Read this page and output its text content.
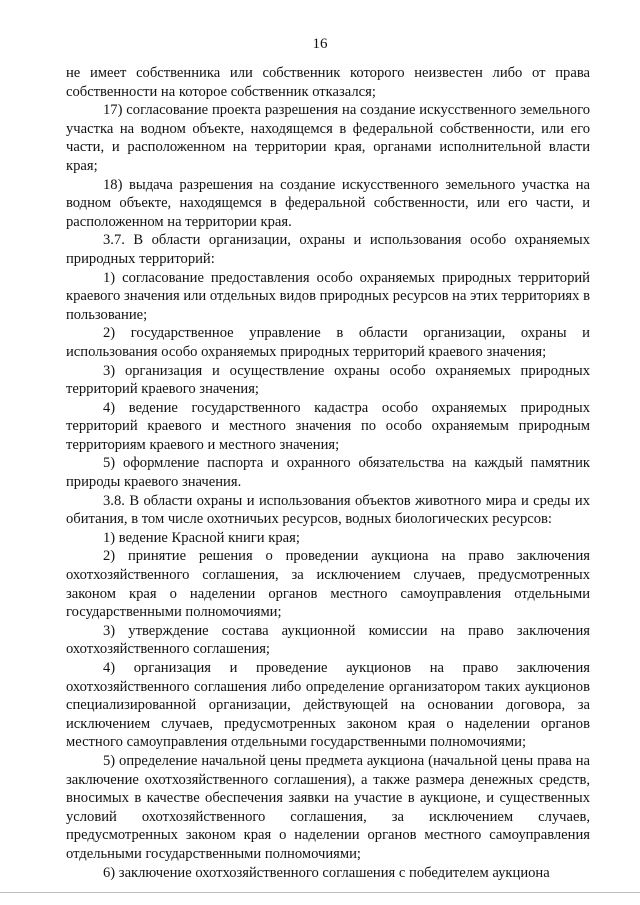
16

не имеет собственника или собственник которого неизвестен либо от права собственности на которое собственник отказался;

17) согласование проекта разрешения на создание искусственного земельного участка на водном объекте, находящемся в федеральной собственности, или его части, и расположенном на территории края, органами исполнительной власти края;

18) выдача разрешения на создание искусственного земельного участка на водном объекте, находящемся в федеральной собственности, или его части, и расположенном на территории края.

3.7. В области организации, охраны и использования особо охраняемых природных территорий:

1) согласование предоставления особо охраняемых природных территорий краевого значения или отдельных видов природных ресурсов на этих территориях в пользование;

2) государственное управление в области организации, охраны и использования особо охраняемых природных территорий краевого значения;

3) организация и осуществление охраны особо охраняемых природных территорий краевого значения;

4) ведение государственного кадастра особо охраняемых природных территорий краевого и местного значения по особо охраняемым природным территориям краевого и местного значения;

5) оформление паспорта и охранного обязательства на каждый памятник природы краевого значения.

3.8. В области охраны и использования объектов животного мира и среды их обитания, в том числе охотничьих ресурсов, водных биологических ресурсов:

1) ведение Красной книги края;

2) принятие решения о проведении аукциона на право заключения охотхозяйственного соглашения, за исключением случаев, предусмотренных законом края о наделении органов местного самоуправления отдельными государственными полномочиями;

3) утверждение состава аукционной комиссии на право заключения охотхозяйственного соглашения;

4) организация и проведение аукционов на право заключения охотхозяйственного соглашения либо определение организатором таких аукционов специализированной организации, действующей на основании договора, за исключением случаев, предусмотренных законом края о наделении органов местного самоуправления отдельными государственными полномочиями;

5) определение начальной цены предмета аукциона (начальной цены права на заключение охотхозяйственного соглашения), а также размера денежных средств, вносимых в качестве обеспечения заявки на участие в аукционе, и существенных условий охотхозяйственного соглашения, за исключением случаев, предусмотренных законом края о наделении органов местного самоуправления отдельными государственными полномочиями;

6) заключение охотхозяйственного соглашения с победителем аукциона
